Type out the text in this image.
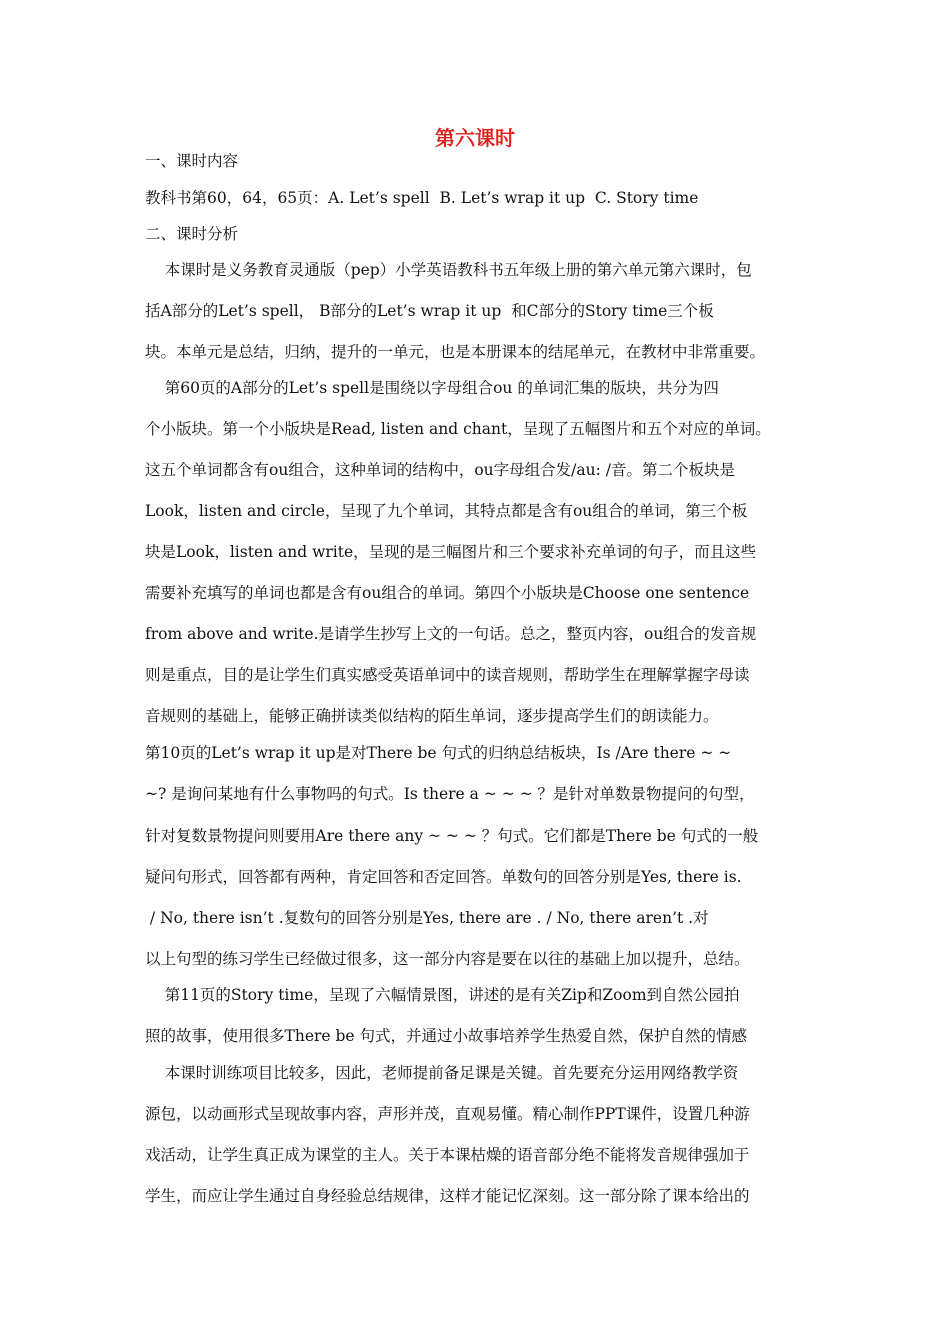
第六课时

一、课时内容

教科书第60，64，65页：A. Let’s spell  B. Let’s wrap it up  C. Story time

二、课时分析

本课时是义务教育灵通版（pep）小学英语教科书五年级上册的第六单元第六课时，包

括A部分的Let’s spell， B部分的Let’s wrap it up  和C部分的Story time三个板

块。本单元是总结，归纳，提升的一单元，也是本册课本的结尾单元，在教材中非常重要。

第60页的A部分的Let’s spell是围绕以字母组合ou 的单词汇集的版块，共分为四

个小版块。第一个小版块是Read, listen and chant，呈现了五幅图片和五个对应的单词。

这五个单词都含有ou组合，这种单词的结构中，ou字母组合发/au: /音。第二个板块是

Look，listen and circle，呈现了九个单词，其特点都是含有ou组合的单词，第三个板

块是Look，listen and write，呈现的是三幅图片和三个要求补充单词的句子，而且这些

需要补充填写的单词也都是含有ou组合的单词。第四个小版块是Choose one sentence

from above and write.是请学生抄写上文的一句话。总之，整页内容，ou组合的发音规

则是重点，目的是让学生们真实感受英语单词中的读音规则，帮助学生在理解掌握字母读

音规则的基础上，能够正确拼读类似结构的陌生单词，逐步提高学生们的朗读能力。

第10页的Let’s wrap it up是对There be 句式的归纳总结板块，Is /Are there ~ ~

~? 是询问某地有什么事物吗的句式。Is there a ~ ~ ~ ？是针对单数景物提问的句型，

针对复数景物提问则要用Are there any ~ ~ ~ ？句式。它们都是There be 句式的一般

疑问句形式，回答都有两种，肯定回答和否定回答。单数句的回答分别是Yes, there is.

/ No, there isn’t .复数句的回答分别是Yes, there are . / No, there aren’t .对

以上句型的练习学生已经做过很多，这一部分内容是要在以往的基础上加以提升，总结。

第11页的Story time，呈现了六幅情景图，讲述的是有关Zip和Zoom到自然公园拍

照的故事，使用很多There be 句式，并通过小故事培养学生热爱自然，保护自然的情感

本课时训练项目比较多，因此，老师提前备足课是关键。首先要充分运用网络教学资

源包，以动画形式呈现故事内容，声形并茂，直观易懂。精心制作PPT课件，设置几种游

戏活动，让学生真正成为课堂的主人。关于本课枯燥的语音部分绝不能将发音规律强加于

学生，而应让学生通过自身经验总结规律，这样才能记忆深刻。这一部分除了课本给出的
